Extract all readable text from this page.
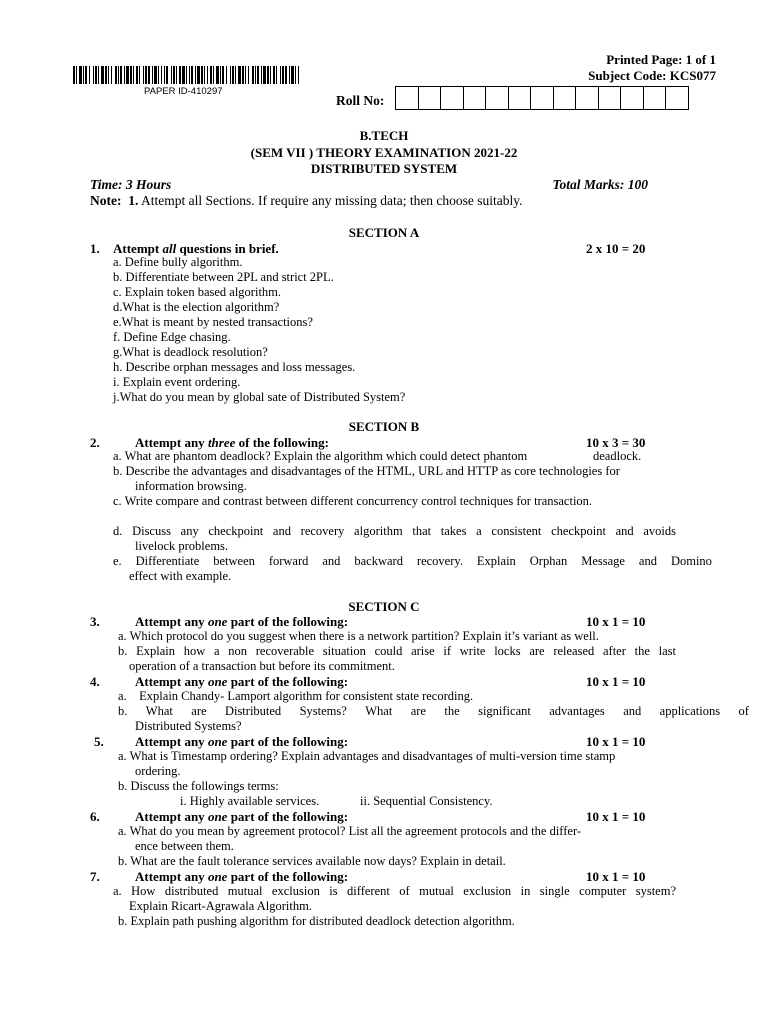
PAPER ID-410297
Printed Page: 1 of 1
Subject Code: KCS077
Roll No:
B.TECH
(SEM VII ) THEORY EXAMINATION 2021-22
DISTRIBUTED SYSTEM
Time: 3 Hours	Total Marks: 100
Note: 1. Attempt all Sections. If require any missing data; then choose suitably.
SECTION A
1. Attempt all questions in brief.	2 x 10 = 20
a. Define bully algorithm.
b. Differentiate between 2PL and strict 2PL.
c. Explain token based algorithm.
d.What is the election algorithm?
e.What is meant by nested transactions?
f. Define Edge chasing.
g.What is deadlock resolution?
h. Describe orphan messages and loss messages.
i. Explain event ordering.
j.What do you mean by global sate of Distributed System?
SECTION B
2.	Attempt any three of the following:	10 x 3 = 30
a. What are phantom deadlock? Explain the algorithm which could detect phantom	deadlock.
b. Describe the advantages and disadvantages of the HTML, URL and HTTP as core technologies for
information browsing.
c. Write compare and contrast between different concurrency control techniques for transaction.
d. Discuss any checkpoint and recovery algorithm that takes a consistent checkpoint and avoids
livelock problems.
e. Differentiate between forward and backward recovery. Explain Orphan Message and Domino
effect with example.
SECTION C
3.	Attempt any one part of the following:	10 x 1 = 10
a. Which protocol do you suggest when there is a network partition? Explain it’s variant as well.
b. Explain how a non recoverable situation could arise if write locks are released after the last
operation of a transaction but before its commitment.
4.	Attempt any one part of the following:	10 x 1 = 10
a.    Explain Chandy- Lamport algorithm for consistent state recording.
b. What are Distributed Systems? What are the significant advantages and applications of
Distributed Systems?
5. Attempt any one part of the following:	10 x 1 = 10
a. What is Timestamp ordering? Explain advantages and disadvantages of multi-version time stamp
ordering.
b. Discuss the followings terms:
i. Highly available services.	ii. Sequential Consistency.
6.	Attempt any one part of the following:	10 x 1 = 10
a. What do you mean by agreement protocol? List all the agreement protocols and the differ-
ence between them.
b. What are the fault tolerance services available now days? Explain in detail.
7.	Attempt any one part of the following:	10 x 1 = 10
a. How distributed mutual exclusion is different of mutual exclusion in single computer system?
Explain Ricart-Agrawala Algorithm.
b. Explain path pushing algorithm for distributed deadlock detection algorithm.
